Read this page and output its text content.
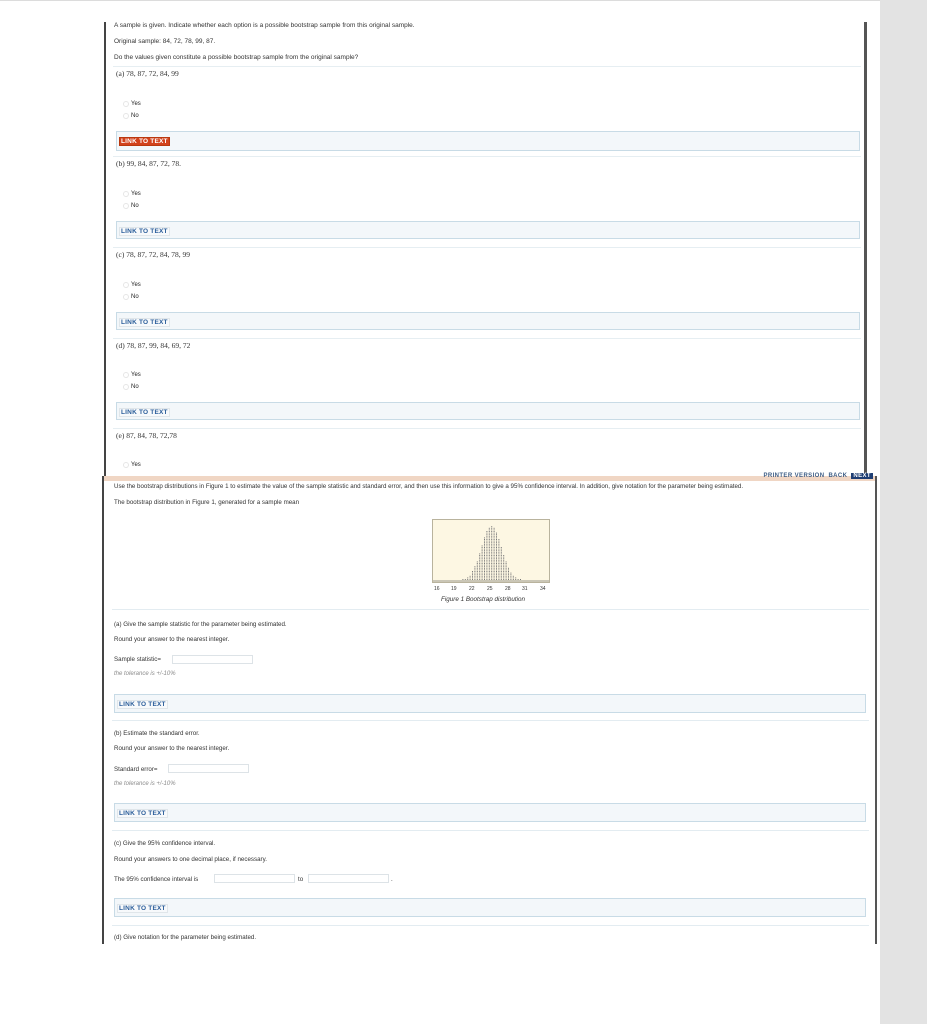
A sample is given. Indicate whether each option is a possible bootstrap sample from this original sample.
Original sample: 84, 72, 78, 99, 87.
Do the values given constitute a possible bootstrap sample from the original sample?
(a) 78, 87, 72, 84, 99
Yes
No
LINK TO TEXT
(b) 99, 84, 87, 72, 78.
Yes
No
LINK TO TEXT
(c) 78, 87, 72, 84, 78, 99
Yes
No
LINK TO TEXT
(d) 78, 87, 99, 84, 69, 72
Yes
No
LINK TO TEXT
(e) 87, 84, 78, 72,78
Yes
PRINTER VERSION BACK	NEXT
Use the bootstrap distributions in Figure 1 to estimate the value of the sample statistic and standard error, and then use this information to give a 95% confidence interval. In addition, give notation for the parameter being estimated.
The bootstrap distribution in Figure 1, generated for a sample mean
16 19 22 25 28 31 34
Figure 1 Bootstrap distribution
(a) Give the sample statistic for the parameter being estimated.
Round your answer to the nearest integer.
Sample statistic=
the tolerance is +/-10%
LINK TO TEXT
(b) Estimate the standard error.
Round your answer to the nearest integer.
Standard error=
the tolerance is +/-10%
LINK TO TEXT
(c) Give the 95% confidence interval.
Round your answers to one decimal place, if necessary.
The 95% confidence interval is	to	.
LINK TO TEXT
(d) Give notation for the parameter being estimated.
